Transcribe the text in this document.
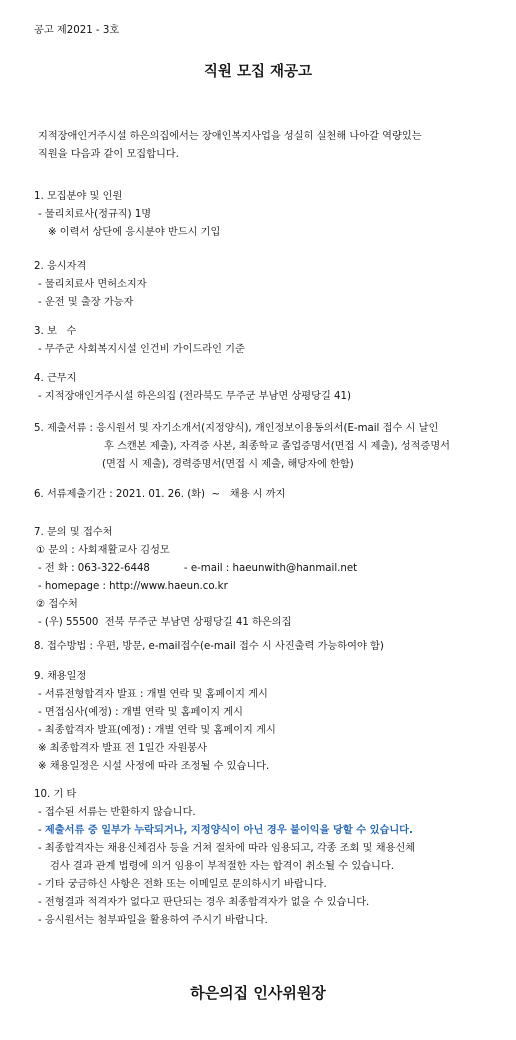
공고 제2021 - 3호
직원 모집 재공고
지적장애인거주시설 하은의집에서는 장애인복지사업을 성실히 실천해 나아갈 역량있는
직원을 다음과 같이 모집합니다.
1. 모집분야 및 인원
- 물리치료사(정규직) 1명
※ 이력서 상단에 응시분야 반드시 기입
2. 응시자격
- 물리치료사 면허소지자
- 운전 및 출장 가능자
3. 보   수
- 무주군 사회복지시설 인건비 가이드라인 기준
4. 근무지
- 지적장애인거주시설 하은의집 (전라북도 무주군 부남면 상평당길 41)
5. 제출서류 : 응시원서 및 자기소개서(지정양식), 개인정보이용동의서(E-mail 접수 시 날인
후 스캔본 제출), 자격증 사본, 최종학교 졸업증명서(면접 시 제출), 성적증명서
(면접 시 제출), 경력증명서(면접 시 제출, 해당자에 한함)
6. 서류제출기간 : 2021. 01. 26. (화)  ~   채용 시 까지
7. 문의 및 접수처
① 문의 : 사회재활교사 김성모
- 전 화 : 063-322-6448	- e-mail : haeunwith@hanmail.net
- homepage : http://www.haeun.co.kr
② 접수처
- (우) 55500  전북 무주군 부남면 상평당길 41 하은의집
8. 접수방법 : 우편, 방문, e-mail접수(e-mail 접수 시 사진출력 가능하여야 함)
9. 채용일정
- 서류전형합격자 발표 : 개별 연락 및 홈페이지 게시
- 면접심사(예정) : 개별 연락 및 홈페이지 게시
- 최종합격자 발표(예정) : 개별 연락 및 홈페이지 게시
※ 최종합격자 발표 전 1일간 자원봉사
※ 채용일정은 시설 사정에 따라 조정될 수 있습니다.
10. 기 타
- 접수된 서류는 반환하지 않습니다.
- 제출서류 중 일부가 누락되거나, 지정양식이 아닌 경우 불이익을 당할 수 있습니다.
- 최종합격자는 채용신체검사 등을 거쳐 절차에 따라 임용되고, 각종 조회 및 채용신체
검사 결과 관계 법령에 의거 임용이 부적절한 자는 합격이 취소될 수 있습니다.
- 기타 궁금하신 사항은 전화 또는 이메일로 문의하시기 바랍니다.
- 전형결과 적격자가 없다고 판단되는 경우 최종합격자가 없을 수 있습니다.
- 응시원서는 첨부파일을 활용하여 주시기 바랍니다.
하은의집 인사위원장
